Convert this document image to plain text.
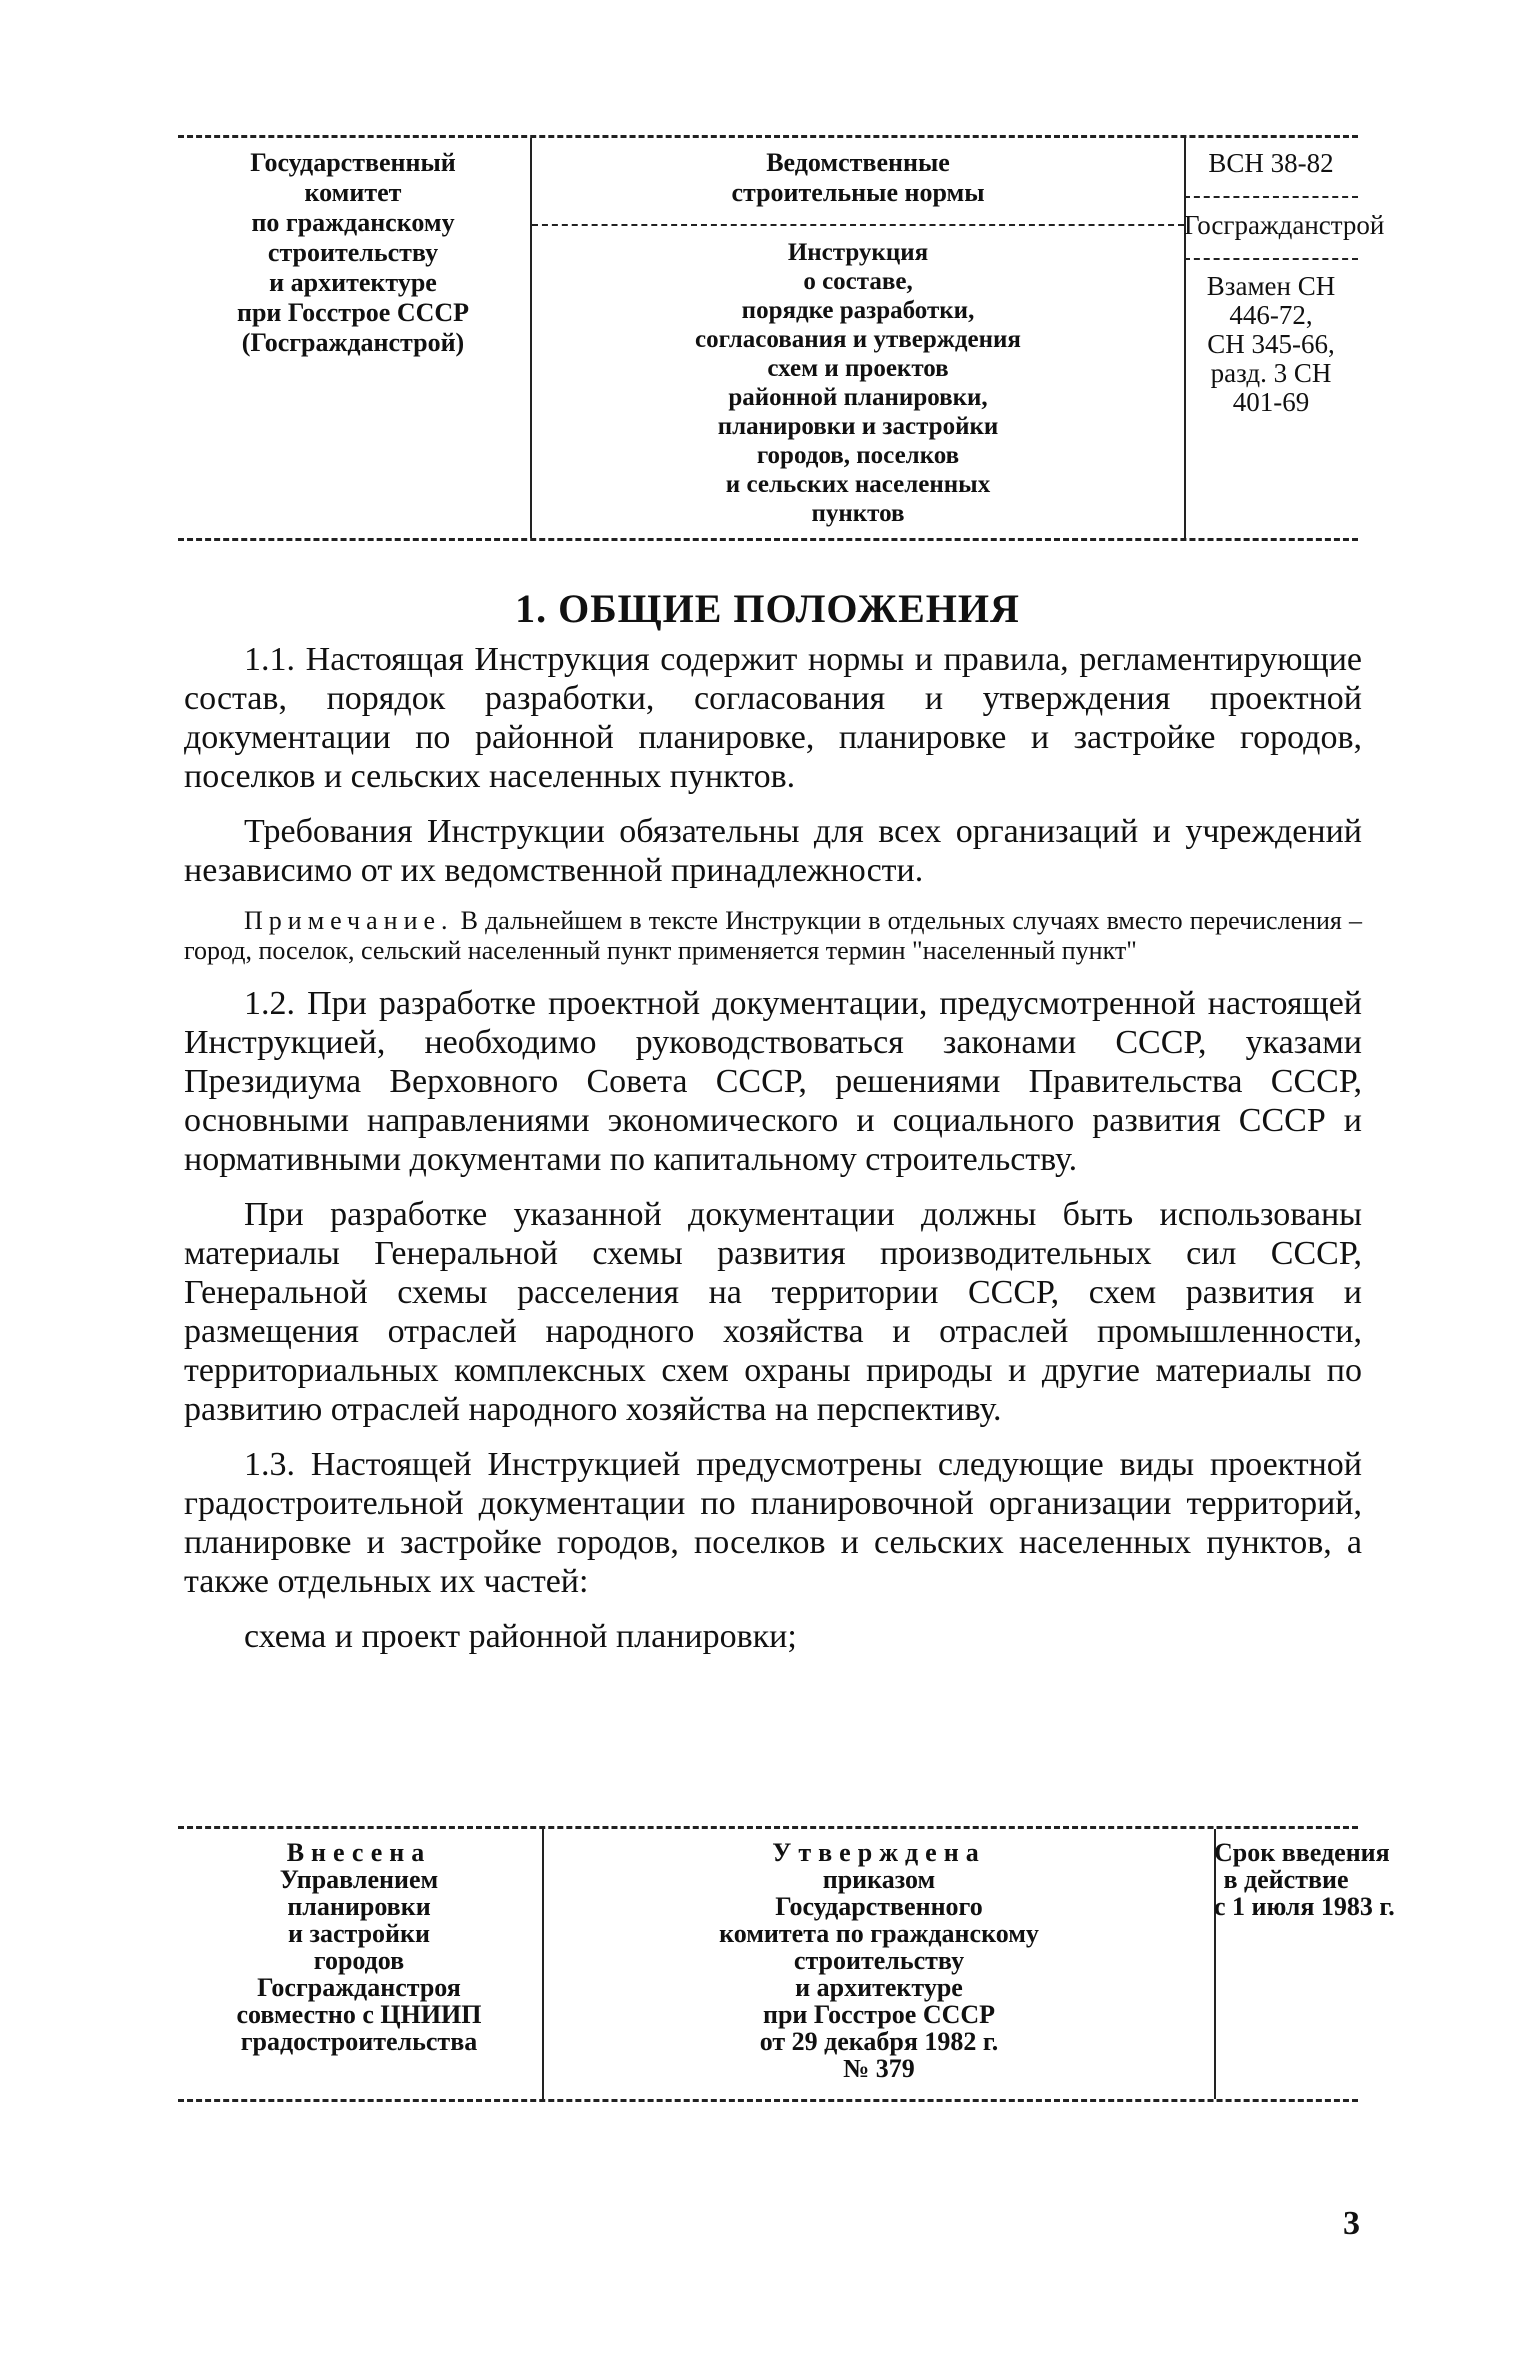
Государственный
комитет
по гражданскому
строительству
и архитектуре
при Госстрое СССР
(Госгражданстрой)
Ведомственные
строительные нормы
Инструкция
о составе,
порядке разработки,
согласования и утверждения
схем и проектов
районной планировки,
планировки и застройки
городов, поселков
и сельских населенных
пунктов
ВСН 38-82
Госгражданстрой
Взамен СН 446-72,
СН 345-66,
разд. 3 СН 401-69
1. ОБЩИЕ ПОЛОЖЕНИЯ

1.1. Настоящая Инструкция содержит нормы и правила, регламентирующие состав, порядок разработки, согласования и утверждения проектной документации по районной планировке, планировке и застройке городов, поселков и сельских населенных пунктов.

Требования Инструкции обязательны для всех организаций и учреждений независимо от их ведомственной принадлежности.

Примечание. В дальнейшем в тексте Инструкции в отдельных случаях вместо перечисления – город, поселок, сельский населенный пункт применяется термин "населенный пункт"

1.2. При разработке проектной документации, предусмотренной настоящей Инструкцией, необходимо руководствоваться законами СССР, указами Президиума Верховного Совета СССР, решениями Правительства СССР, основными направлениями экономического и социального развития СССР и нормативными документами по капитальному строительству.

При разработке указанной документации должны быть использованы материалы Генеральной схемы развития производительных сил СССР, Генеральной схемы расселения на территории СССР, схем развития и размещения отраслей народного хозяйства и отраслей промышленности, территориальных комплексных схем охраны природы и другие материалы по развитию отраслей народного хозяйства на перспективу.

1.3. Настоящей Инструкцией предусмотрены следующие виды проектной градостроительной документации по планировочной организации территорий, планировке и застройке городов, поселков и сельских населенных пунктов, а также отдельных их частей:

схема и проект районной планировки;

Внесена
Управлением
планировки
и застройки
городов
Госгражданстроя
совместно с ЦНИИП
градостроительства
Утверждена
приказом
Государственного
комитета по гражданскому
строительству
и архитектуре
при Госстрое СССР
от 29 декабря 1982 г.
№ 379
Срок введения
в действие
с 1 июля 1983 г.
3
